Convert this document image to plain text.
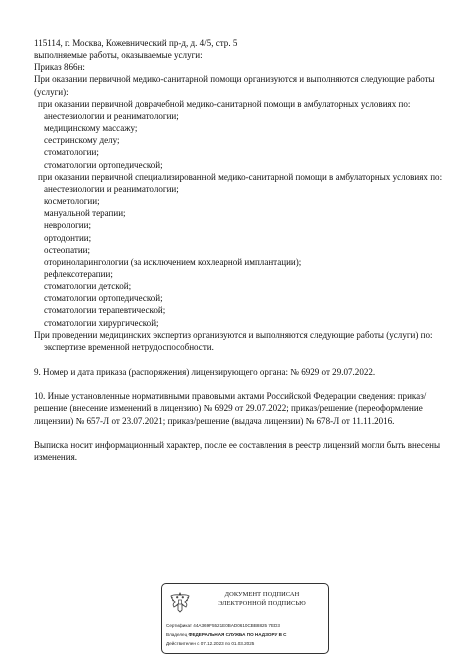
115114, г. Москва, Кожевнический пр-д, д. 4/5, стр. 5

выполняемые работы, оказываемые услуги:

Приказ 866н:

При оказании первичной медико-санитарной помощи организуются и выполняются следующие работы (услуги):

при оказании первичной доврачебной медико-санитарной помощи в амбулаторных условиях по:

анестезиологии и реаниматологии;

медицинскому массажу;

сестринскому делу;

стоматологии;

стоматологии ортопедической;

при оказании первичной специализированной медико-санитарной помощи в амбулаторных условиях по:

анестезиологии и реаниматологии;

косметологии;

мануальной терапии;

неврологии;

ортодонтии;

остеопатии;

оториноларингологии (за исключением кохлеарной имплантации);

рефлексотерапии;

стоматологии детской;

стоматологии ортопедической;

стоматологии терапевтической;

стоматологии хирургической;

При проведении медицинских экспертиз организуются и выполняются следующие работы (услуги) по:

экспертизе временной нетрудоспособности.

9. Номер и дата приказа (распоряжения) лицензирующего органа: № 6929 от 29.07.2022.

10. Иные установленные нормативными правовыми актами Российской Федерации сведения: приказ/решение (внесение изменений в лицензию) № 6929 от 29.07.2022; приказ/решение (переоформление лицензии) № 657-Л от 23.07.2021; приказ/решение (выдача лицензии) № 678-Л от 11.11.2016.

Выписка носит информационный характер, после ее составления в реестр лицензий могли быть внесены изменения.

ДОКУМЕНТ ПОДПИСАН
ЭЛЕКТРОННОЙ ПОДПИСЬЮ
Сертификат 44A369F5521E0BAD0610CBB8825 7ED3
Владелец ФЕДЕРАЛЬНАЯ СЛУЖБА ПО НАДЗОРУ В С
Действителен с 07.12.2023 по 01.03.2025
